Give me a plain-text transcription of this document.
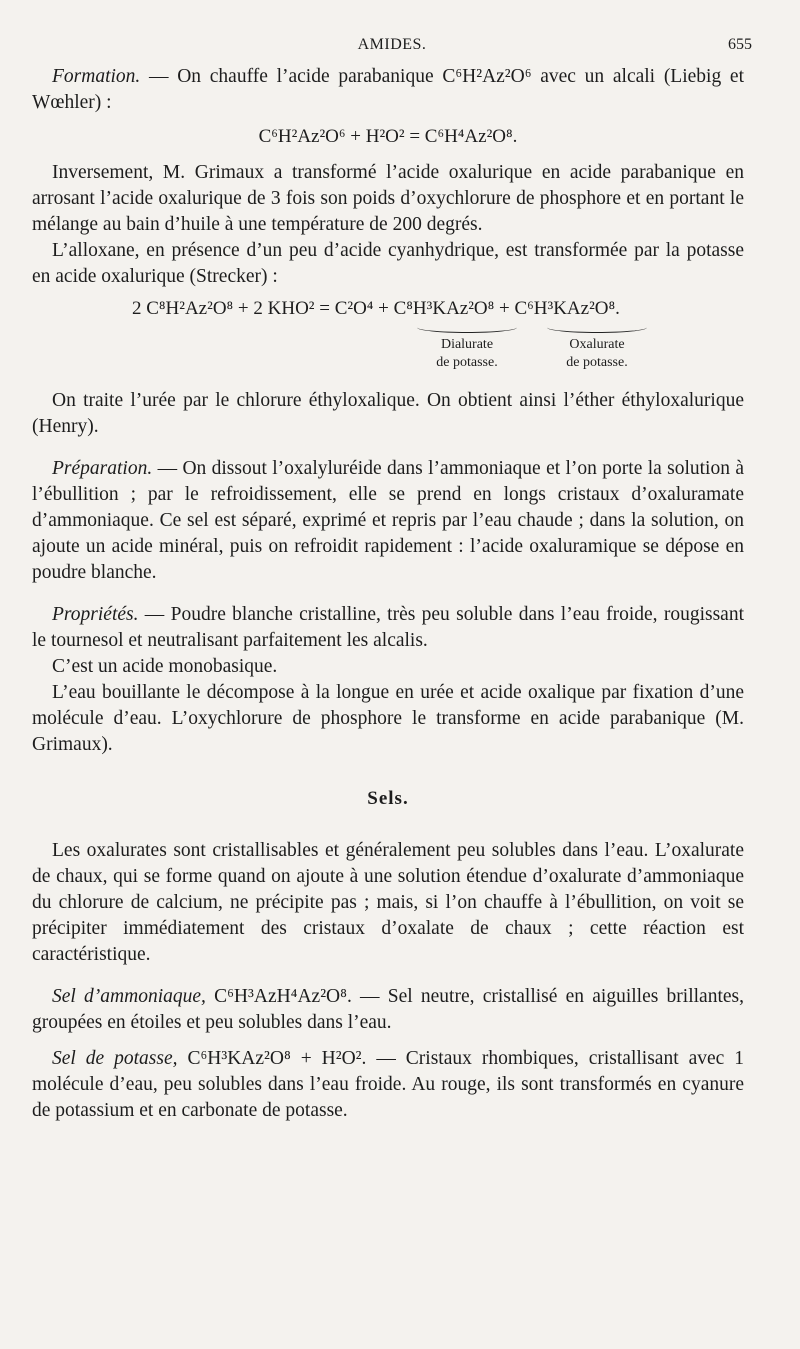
AMIDES.	655

Formation. — On chauffe l’acide parabanique C⁶H²Az²O⁶ avec un alcali (Liebig et Wœhler) :

C⁶H²Az²O⁶ + H²O² = C⁶H⁴Az²O⁸.

Inversement, M. Grimaux a transformé l’acide oxalurique en acide parabanique en arrosant l’acide oxalurique de 3 fois son poids d’oxychlorure de phosphore et en portant le mélange au bain d’huile à une température de 200 degrés.

L’alloxane, en présence d’un peu d’acide cyanhydrique, est transformée par la potasse en acide oxalurique (Strecker) :

2 C⁸H²Az²O⁸ + 2 KHO² = C²O⁴ + C⁸H³KAz²O⁸ + C⁶H³KAz²O⁸.
Dialurate
de potasse.
Oxalurate
de potasse.

On traite l’urée par le chlorure éthyloxalique. On obtient ainsi l’éther éthyloxalurique (Henry).

Préparation. — On dissout l’oxalyluréide dans l’ammoniaque et l’on porte la solution à l’ébullition ; par le refroidissement, elle se prend en longs cristaux d’oxaluramate d’ammoniaque. Ce sel est séparé, exprimé et repris par l’eau chaude ; dans la solution, on ajoute un acide minéral, puis on refroidit rapidement : l’acide oxaluramique se dépose en poudre blanche.

Propriétés. — Poudre blanche cristalline, très peu soluble dans l’eau froide, rougissant le tournesol et neutralisant parfaitement les alcalis.

C’est un acide monobasique.

L’eau bouillante le décompose à la longue en urée et acide oxalique par fixation d’une molécule d’eau. L’oxychlorure de phosphore le transforme en acide parabanique (M. Grimaux).

Sels.

Les oxalurates sont cristallisables et généralement peu solubles dans l’eau. L’oxalurate de chaux, qui se forme quand on ajoute à une solution étendue d’oxalurate d’ammoniaque du chlorure de calcium, ne précipite pas ; mais, si l’on chauffe à l’ébullition, on voit se précipiter immédiatement des cristaux d’oxalate de chaux ; cette réaction est caractéristique.

Sel d’ammoniaque, C⁶H³AzH⁴Az²O⁸. — Sel neutre, cristallisé en aiguilles brillantes, groupées en étoiles et peu solubles dans l’eau.

Sel de potasse, C⁶H³KAz²O⁸ + H²O². — Cristaux rhombiques, cristallisant avec 1 molécule d’eau, peu solubles dans l’eau froide. Au rouge, ils sont transformés en cyanure de potassium et en carbonate de potasse.
